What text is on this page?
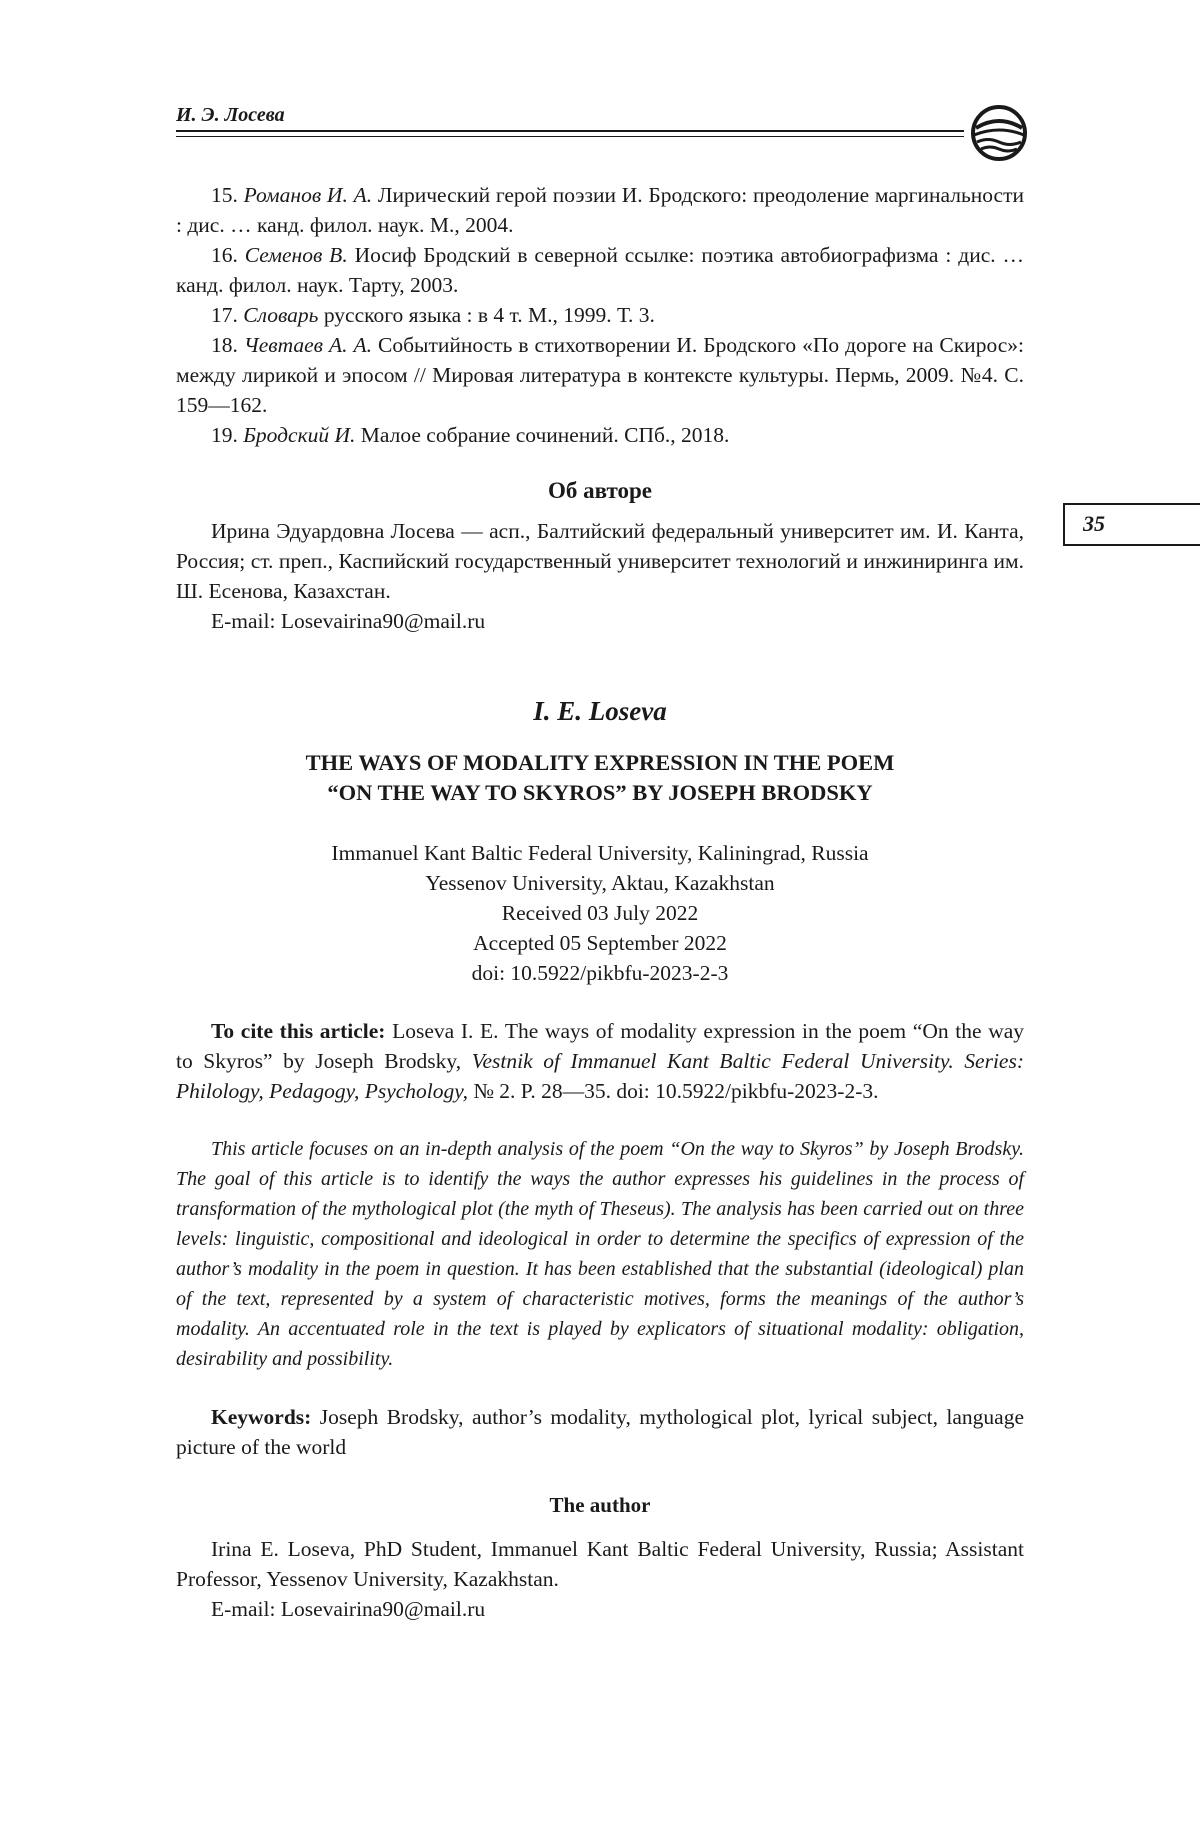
И. Э. Лосева
35

15. Романов И. А. Лирический герой поэзии И. Бродского: преодоление маргинальности : дис. … канд. филол. наук. М., 2004.

16. Семенов В. Иосиф Бродский в северной ссылке: поэтика автобиографизма : дис. … канд. филол. наук. Тарту, 2003.

17. Словарь русского языка : в 4 т. М., 1999. Т. 3.

18. Чевтаев А. А. Событийность в стихотворении И. Бродского «По дороге на Скирос»: между лирикой и эпосом // Мировая литература в контексте культуры. Пермь, 2009. №4. С. 159—162.

19. Бродский И. Малое собрание сочинений. СПб., 2018.

Об авторе

Ирина Эдуардовна Лосева — асп., Балтийский федеральный университет им. И. Канта, Россия; ст. преп., Каспийский государственный университет технологий и инжиниринга им. Ш. Есенова, Казахстан.

E-mail: Losevairina90@mail.ru

I. E. Loseva

THE WAYS OF MODALITY EXPRESSION IN THE POEM

“ON THE WAY TO SKYROS” BY JOSEPH BRODSKY

Immanuel Kant Baltic Federal University, Kaliningrad, Russia

Yessenov University, Aktau, Kazakhstan

Received 03 July 2022

Accepted 05 September 2022

doi: 10.5922/pikbfu-2023-2-3

To cite this article: Loseva I. E. The ways of modality expression in the poem “On the way to Skyros” by Joseph Brodsky, Vestnik of Immanuel Kant Baltic Federal University. Series: Philology, Pedagogy, Psychology, № 2. P. 28—35. doi: 10.5922/pikbfu-2023-2-3.

This article focuses on an in-depth analysis of the poem “On the way to Skyros” by Joseph Brodsky. The goal of this article is to identify the ways the author expresses his guidelines in the process of transformation of the mythological plot (the myth of Theseus). The analysis has been carried out on three levels: linguistic, compositional and ideological in order to determine the specifics of expression of the author’s modality in the poem in question. It has been established that the substantial (ideological) plan of the text, represented by a system of characteristic motives, forms the meanings of the author’s modality. An accentuated role in the text is played by explicators of situational modality: obligation, desirability and possibility.

Keywords: Joseph Brodsky, author’s modality, mythological plot, lyrical subject, language picture of the world

The author

Irina E. Loseva, PhD Student, Immanuel Kant Baltic Federal University, Russia; Assistant Professor, Yessenov University, Kazakhstan.

E-mail: Losevairina90@mail.ru
